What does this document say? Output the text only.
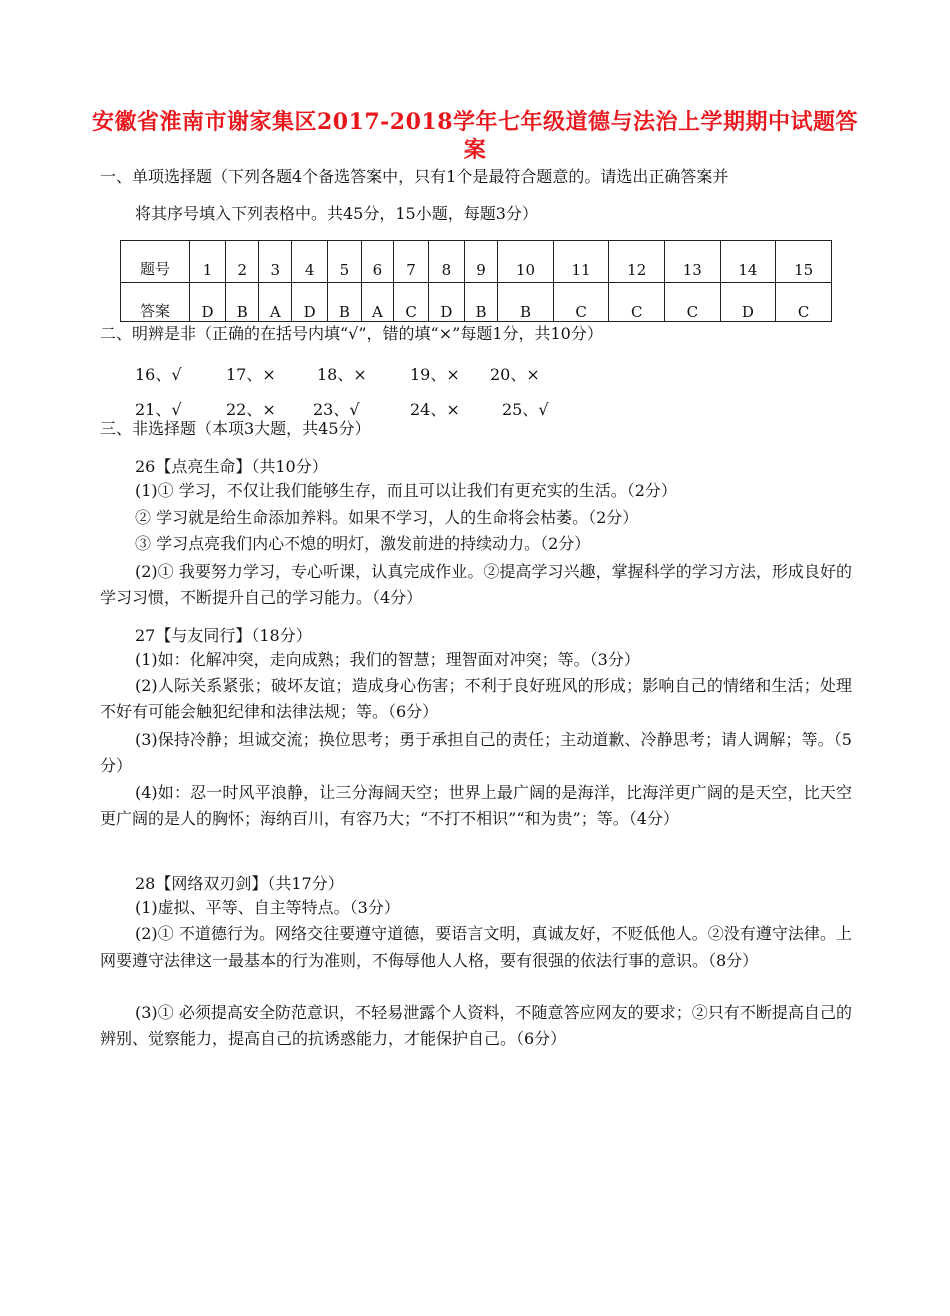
安徽省淮南市谢家集区2017-2018学年七年级道德与法治上学期期中试题答案
一、单项选择题（下列各题4个备选答案中，只有1个是最符合题意的。请选出正确答案并
将其序号填入下列表格中。共45分，15小题，每题3分）
题号	1	2	3	4	5	6	7	8	9	10	11	12	13	14	15
答案	D	B	A	D	B	A	C	D	B	B	C	C	C	D	C
二、明辨是非（正确的在括号内填“√”，错的填“×”每题1分，共10分）
16、√	17、×	18、×	19、× 20、×
21、√	22、× 23、√	24、×	25、√
三、非选择题（本项3大题，共45分）
26【点亮生命】（共10分）
(1)① 学习，不仅让我们能够生存，而且可以让我们有更充实的生活。（2分）
② 学习就是给生命添加养料。如果不学习，人的生命将会枯萎。（2分）
③ 学习点亮我们内心不熄的明灯，激发前进的持续动力。（2分）
(2)① 我要努力学习，专心听课，认真完成作业。②提高学习兴趣，掌握科学的学习方法，形成良好的学习习惯，不断提升自己的学习能力。（4分）
27【与友同行】（18分）
(1)如：化解冲突，走向成熟；我们的智慧；理智面对冲突；等。（3分）
(2)人际关系紧张；破坏友谊；造成身心伤害；不利于良好班风的形成；影响自己的情绪和生活；处理不好有可能会触犯纪律和法律法规；等。（6分）
(3)保持冷静；坦诚交流；换位思考；勇于承担自己的责任；主动道歉、冷静思考；请人调解；等。（5分）
(4)如：忍一时风平浪静，让三分海阔天空；世界上最广阔的是海洋，比海洋更广阔的是天空，比天空更广阔的是人的胸怀；海纳百川，有容乃大；“不打不相识”“和为贵”；等。（4分）
28【网络双刃剑】（共17分）
(1)虚拟、平等、自主等特点。（3分）
(2)① 不道德行为。网络交往要遵守道德，要语言文明，真诚友好，不贬低他人。②没有遵守法律。上网要遵守法律这一最基本的行为准则，不侮辱他人人格，要有很强的依法行事的意识。（8分）
(3)① 必须提高安全防范意识，不轻易泄露个人资料，不随意答应网友的要求；②只有不断提高自己的辨别、觉察能力，提高自己的抗诱惑能力，才能保护自己。（6分）
